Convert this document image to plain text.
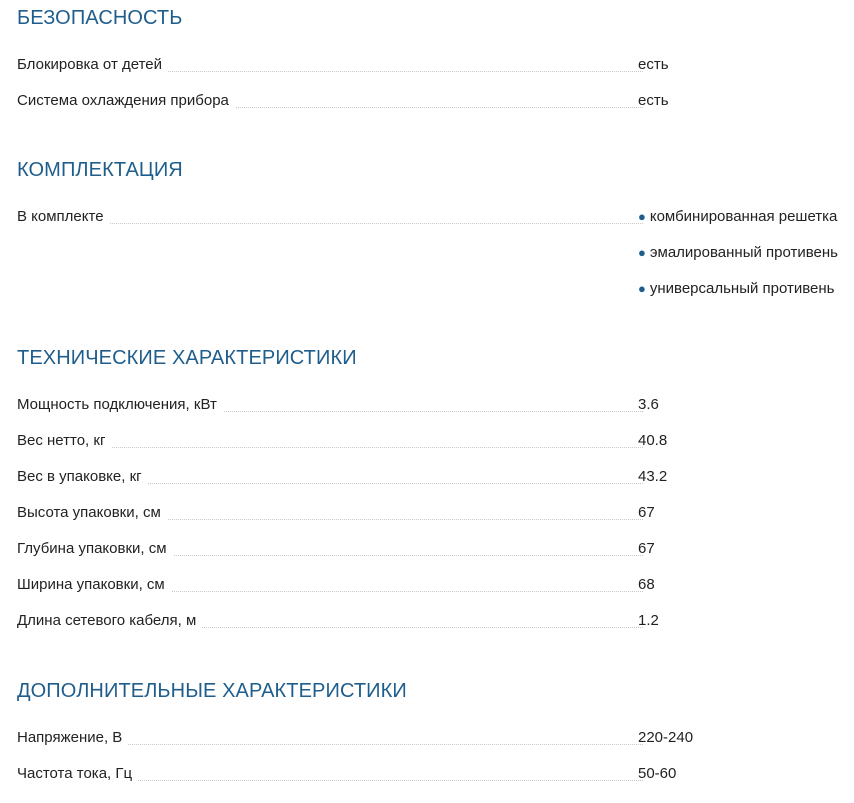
БЕЗОПАСНОСТЬ
Блокировка от детей	есть
Система охлаждения прибора	есть
КОМПЛЕКТАЦИЯ
В комплекте	● комбинированная решетка
● эмалированный противень
● универсальный противень
ТЕХНИЧЕСКИЕ ХАРАКТЕРИСТИКИ
Мощность подключения, кВт	3.6
Вес нетто, кг	40.8
Вес в упаковке, кг	43.2
Высота упаковки, см	67
Глубина упаковки, см	67
Ширина упаковки, см	68
Длина сетевого кабеля, м	1.2
ДОПОЛНИТЕЛЬНЫЕ ХАРАКТЕРИСТИКИ
Напряжение, В	220-240
Частота тока, Гц	50-60
